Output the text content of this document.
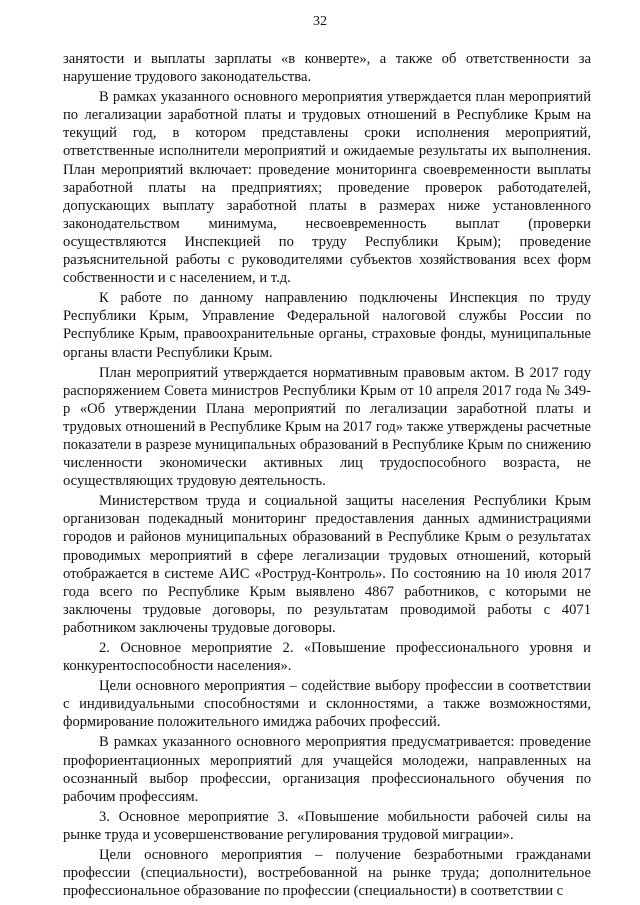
32

занятости и выплаты зарплаты «в конверте», а также об ответственности за нарушение трудового законодательства.

В рамках указанного основного мероприятия утверждается план мероприятий по легализации заработной платы и трудовых отношений в Республике Крым на текущий год, в котором представлены сроки исполнения мероприятий, ответственные исполнители мероприятий и ожидаемые результаты их выполнения. План мероприятий включает: проведение мониторинга своевременности выплаты заработной платы на предприятиях; проведение проверок работодателей, допускающих выплату заработной платы в размерах ниже установленного законодательством минимума, несвоевременность выплат (проверки осуществляются Инспекцией по труду Республики Крым); проведение разъяснительной работы с руководителями субъектов хозяйствования всех форм собственности и с населением, и т.д.

К работе по данному направлению подключены Инспекция по труду Республики Крым, Управление Федеральной налоговой службы России по Республике Крым, правоохранительные органы, страховые фонды, муниципальные органы власти Республики Крым.

План мероприятий утверждается нормативным правовым актом. В 2017 году распоряжением Совета министров Республики Крым от 10 апреля 2017 года № 349-р «Об утверждении Плана мероприятий по легализации заработной платы и трудовых отношений в Республике Крым на 2017 год» также утверждены расчетные показатели в разрезе муниципальных образований в Республике Крым по снижению численности экономически активных лиц трудоспособного возраста, не осуществляющих трудовую деятельность.

Министерством труда и социальной защиты населения Республики Крым организован подекадный мониторинг предоставления данных администрациями городов и районов муниципальных образований в Республике Крым о результатах проводимых мероприятий в сфере легализации трудовых отношений, который отображается в системе АИС «Роструд-Контроль». По состоянию на 10 июля 2017 года всего по Республике Крым выявлено 4867 работников, с которыми не заключены трудовые договоры, по результатам проводимой работы с 4071 работником заключены трудовые договоры.

2. Основное мероприятие 2. «Повышение профессионального уровня и конкурентоспособности населения».

Цели основного мероприятия – содействие выбору профессии в соответствии с индивидуальными способностями и склонностями, а также возможностями, формирование положительного имиджа рабочих профессий.

В рамках указанного основного мероприятия предусматривается: проведение профориентационных мероприятий для учащейся молодежи, направленных на осознанный выбор профессии, организация профессионального обучения по рабочим профессиям.

3. Основное мероприятие 3. «Повышение мобильности рабочей силы на рынке труда и усовершенствование регулирования трудовой миграции».

Цели основного мероприятия – получение безработными гражданами профессии (специальности), востребованной на рынке труда; дополнительное профессиональное образование по профессии (специальности) в соответствии с
